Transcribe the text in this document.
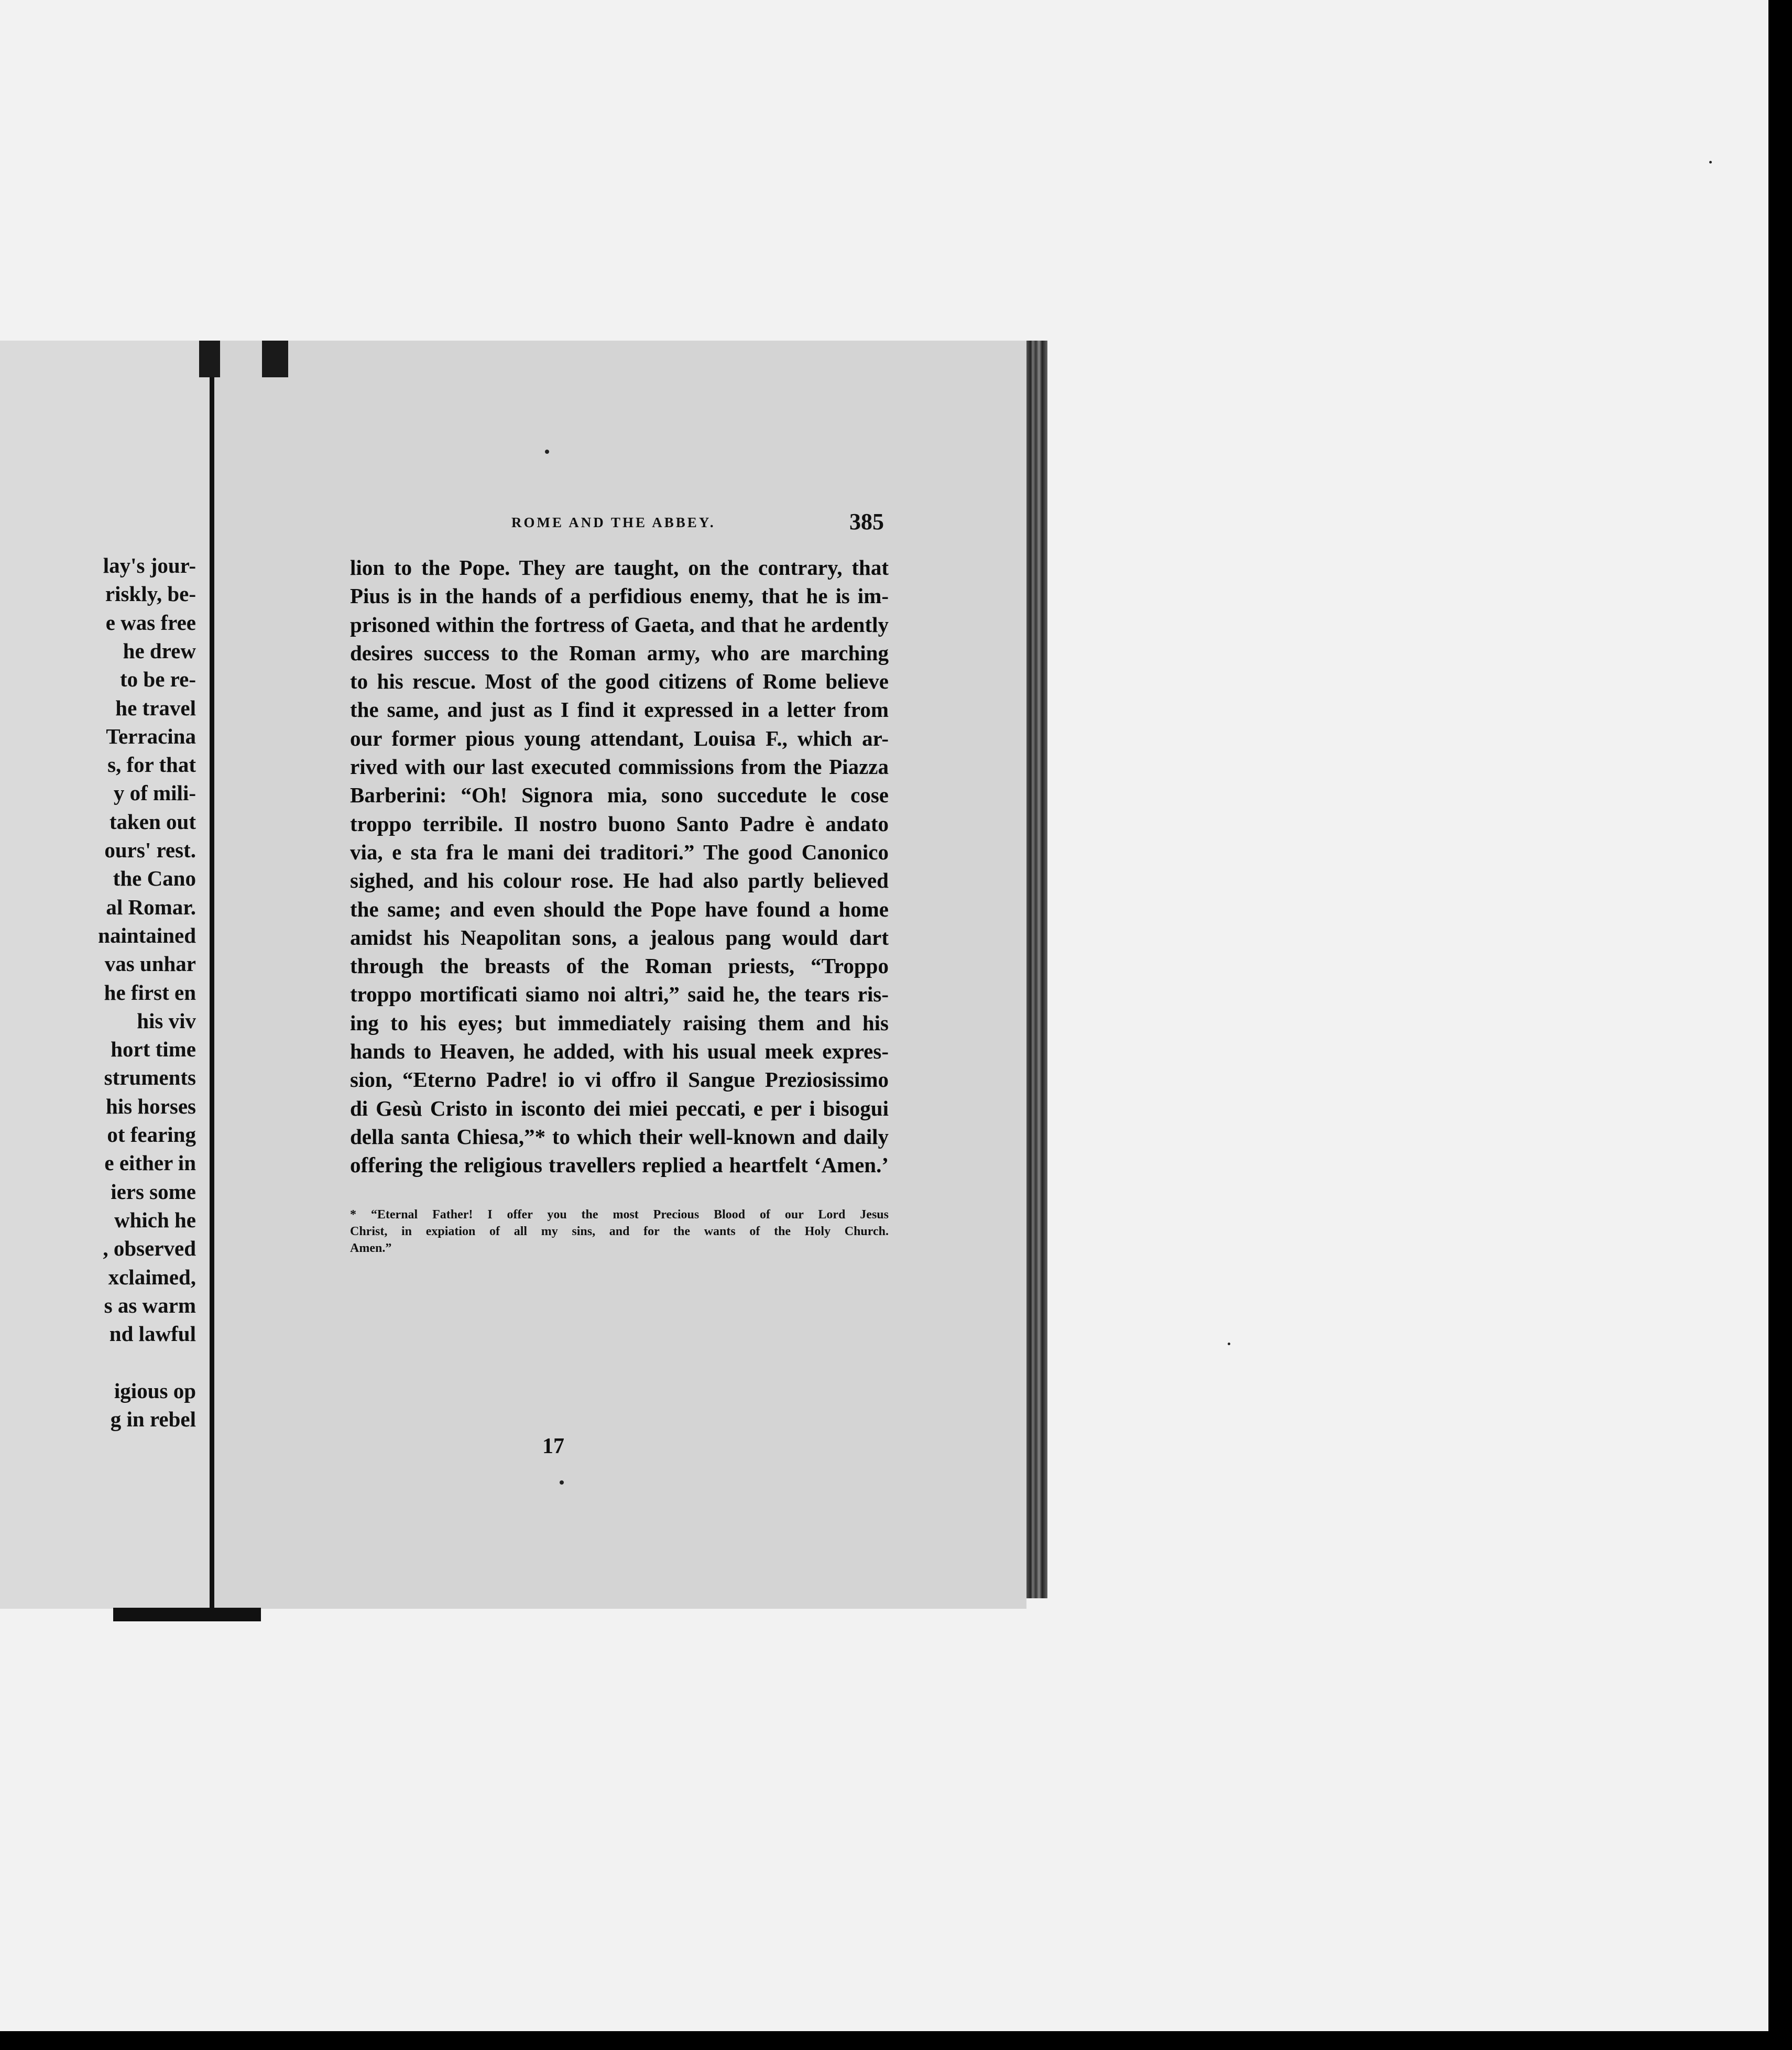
lay's jour-
riskly, be-
e was free
he drew
to be re-
he travel
Terracina
s, for that
y of mili-
taken out
ours' rest.
the Cano
al Romar.
naintained
vas unhar
he first en
his viv
hort time
struments
his horses
ot fearing
e either in
iers some
which he
, observed
xclaimed,
s as warm
nd lawful
igious op
g in rebel
ROME AND THE ABBEY.	385
lion to the Pope. They are taught, on the contrary, that
Pius is in the hands of a perfidious enemy, that he is im-
prisoned within the fortress of Gaeta, and that he ardently
desires success to the Roman army, who are marching
to his rescue. Most of the good citizens of Rome believe
the same, and just as I find it expressed in a letter from
our former pious young attendant, Louisa F., which ar-
rived with our last executed commissions from the Piazza
Barberini: “Oh! Signora mia, sono succedute le cose
troppo terribile. Il nostro buono Santo Padre è andato
via, e sta fra le mani dei traditori.” The good Canonico
sighed, and his colour rose. He had also partly believed
the same; and even should the Pope have found a home
amidst his Neapolitan sons, a jealous pang would dart
through the breasts of the Roman priests, “Troppo
troppo mortificati siamo noi altri,” said he, the tears ris-
ing to his eyes; but immediately raising them and his
hands to Heaven, he added, with his usual meek expres-
sion, “Eterno Padre! io vi offro il Sangue Preziosissimo
di Gesù Cristo in isconto dei miei peccati, e per i bisogui
della santa Chiesa,”* to which their well-known and daily
offering the religious travellers replied a heartfelt ‘Amen.’
* “Eternal Father! I offer you the most Precious Blood of our Lord Jesus
Christ, in expiation of all my sins, and for the wants of the Holy Church.
Amen.”
17
